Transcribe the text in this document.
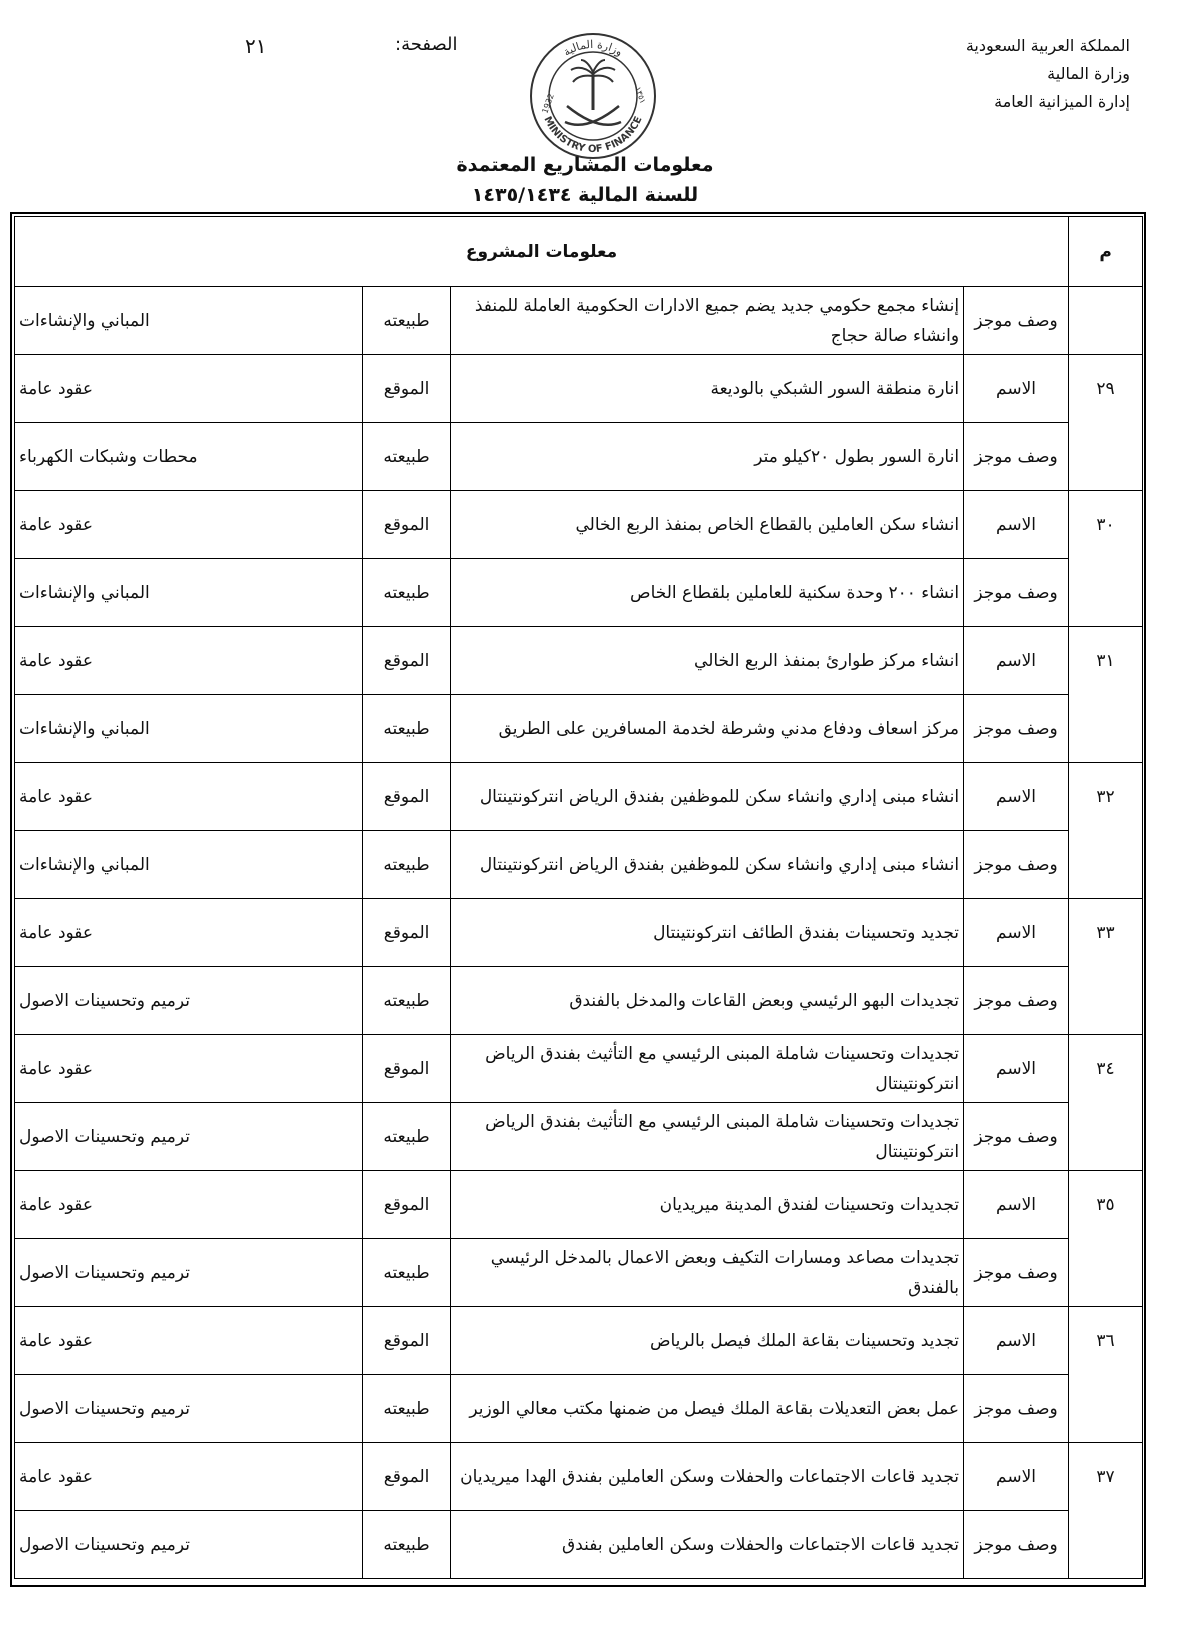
المملكة العربية السعودية
وزارة المالية
إدارة الميزانية العامة
الصفحة:
٢١	وزارة المالية
MINISTRY OF FINANCE
1932	١٣٥١
معلومات المشاريع المعتمدة
للسنة المالية ١٤٣٥/١٤٣٤
م	معلومات المشروع			
	وصف موجز	إنشاء مجمع حكومي جديد يضم جميع الادارات الحكومية العاملة للمنفذ وانشاء صالة حجاج	طبيعته	المباني والإنشاءات

٢٩	الاسم	انارة منطقة السور الشبكي بالوديعة	الموقع	عقود عامة

	وصف موجز	انارة السور بطول ٢٠كيلو متر	طبيعته	محطات وشبكات الكهرباء

٣٠	الاسم	انشاء سكن العاملين بالقطاع الخاص بمنفذ الربع الخالي	الموقع	عقود عامة

	وصف موجز	انشاء ٢٠٠ وحدة سكنية للعاملين بلقطاع الخاص	طبيعته	المباني والإنشاءات

٣١	الاسم	انشاء مركز طوارئ بمنفذ الربع الخالي	الموقع	عقود عامة

	وصف موجز	مركز اسعاف ودفاع مدني وشرطة لخدمة المسافرين على الطريق	طبيعته	المباني والإنشاءات

٣٢	الاسم	انشاء مبنى إداري وانشاء سكن للموظفين بفندق الرياض انتركونتينتال	الموقع	عقود عامة

	وصف موجز	انشاء مبنى إداري وانشاء سكن للموظفين بفندق الرياض انتركونتينتال	طبيعته	المباني والإنشاءات

٣٣	الاسم	تجديد وتحسينات بفندق الطائف انتركونتينتال	الموقع	عقود عامة

	وصف موجز	تجديدات البهو الرئيسي وبعض القاعات والمدخل بالفندق	طبيعته	ترميم وتحسينات الاصول

٣٤	الاسم	تجديدات وتحسينات شاملة المبنى الرئيسي مع التأثيث بفندق الرياض انتركونتينتال	الموقع	عقود عامة

	وصف موجز	تجديدات وتحسينات شاملة المبنى الرئيسي مع التأثيث بفندق الرياض انتركونتينتال	طبيعته	ترميم وتحسينات الاصول

٣٥	الاسم	تجديدات وتحسينات لفندق المدينة ميريديان	الموقع	عقود عامة

	وصف موجز	تجديدات مصاعد ومسارات التكيف وبعض الاعمال بالمدخل الرئيسي بالفندق	طبيعته	ترميم وتحسينات الاصول

٣٦	الاسم	تجديد وتحسينات بقاعة الملك فيصل بالرياض	الموقع	عقود عامة

	وصف موجز	عمل بعض التعديلات بقاعة الملك فيصل من ضمنها مكتب معالي الوزير	طبيعته	ترميم وتحسينات الاصول

٣٧	الاسم	تجديد قاعات الاجتماعات والحفلات وسكن العاملين بفندق الهدا ميريديان	الموقع	عقود عامة

	وصف موجز	تجديد قاعات الاجتماعات والحفلات وسكن العاملين بفندق	طبيعته	ترميم وتحسينات الاصول
